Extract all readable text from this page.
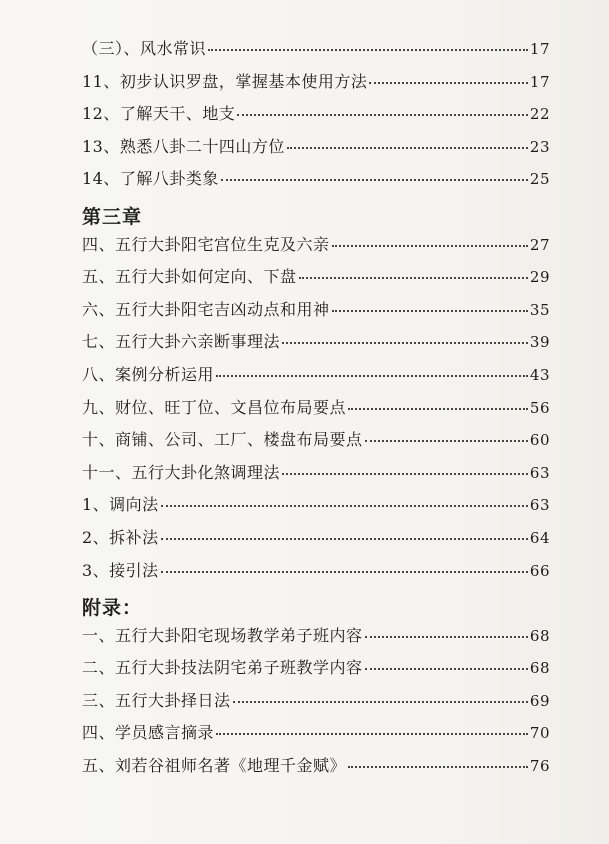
（三）、风水常识	17
11、初步认识罗盘，掌握基本使用方法	17
12、了解天干、地支	22
13、熟悉八卦二十四山方位	23
14、了解八卦类象	25
第三章
四、五行大卦阳宅宫位生克及六亲	27
五、五行大卦如何定向、下盘	29
六、五行大卦阳宅吉凶动点和用神	35
七、五行大卦六亲断事理法	39
八、案例分析运用	43
九、财位、旺丁位、文昌位布局要点	56
十、商铺、公司、工厂、楼盘布局要点	60
十一、五行大卦化煞调理法	63
1、调向法	63
2、拆补法	64
3、接引法	66
附录：
一、五行大卦阳宅现场教学弟子班内容	68
二、五行大卦技法阴宅弟子班教学内容	68
三、五行大卦择日法	69
四、学员感言摘录	70
五、刘若谷祖师名著《地理千金赋》	76
